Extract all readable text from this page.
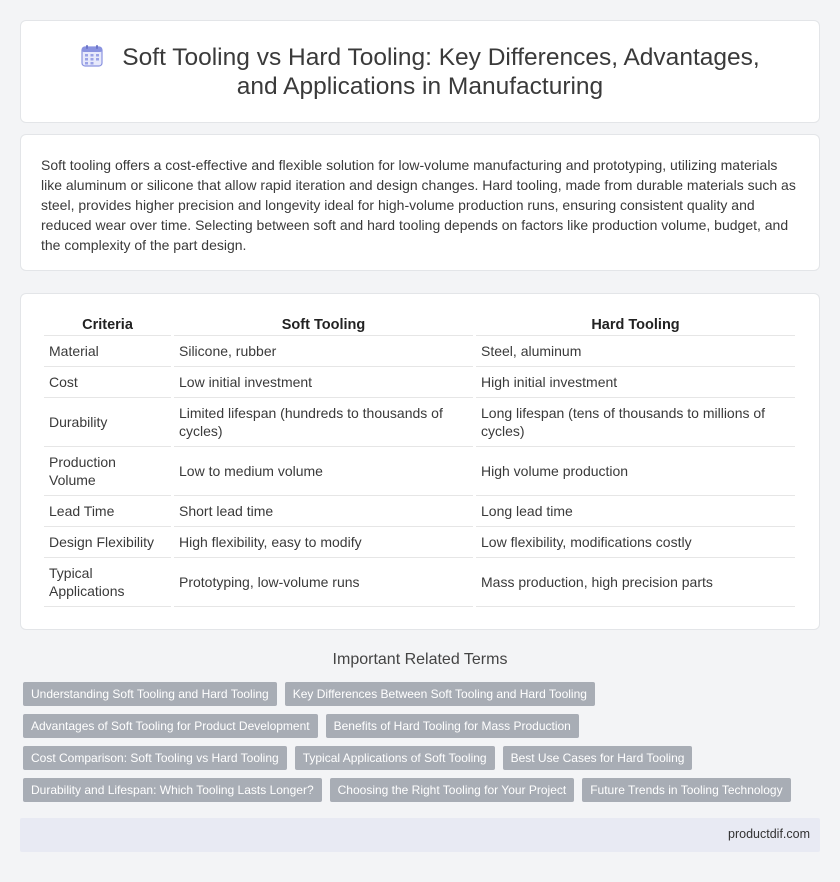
Soft Tooling vs Hard Tooling: Key Differences, Advantages, and Applications in Manufacturing

Soft tooling offers a cost-effective and flexible solution for low-volume manufacturing and prototyping, utilizing materials like aluminum or silicone that allow rapid iteration and design changes. Hard tooling, made from durable materials such as steel, provides higher precision and longevity ideal for high-volume production runs, ensuring consistent quality and reduced wear over time. Selecting between soft and hard tooling depends on factors like production volume, budget, and the complexity of the part design.

Criteria	Soft Tooling	Hard Tooling
Material	Silicone, rubber	Steel, aluminum
Cost	Low initial investment	High initial investment
Durability	Limited lifespan (hundreds to thousands of cycles)	Long lifespan (tens of thousands to millions of cycles)
Production Volume	Low to medium volume	High volume production
Lead Time	Short lead time	Long lead time
Design Flexibility	High flexibility, easy to modify	Low flexibility, modifications costly
Typical Applications	Prototyping, low-volume runs	Mass production, high precision parts
Important Related Terms
Understanding Soft Tooling and Hard Tooling	Key Differences Between Soft Tooling and Hard Tooling
Advantages of Soft Tooling for Product Development	Benefits of Hard Tooling for Mass Production
Cost Comparison: Soft Tooling vs Hard Tooling	Typical Applications of Soft Tooling	Best Use Cases for Hard Tooling
Durability and Lifespan: Which Tooling Lasts Longer?	Choosing the Right Tooling for Your Project	Future Trends in Tooling Technology
productdif.com
